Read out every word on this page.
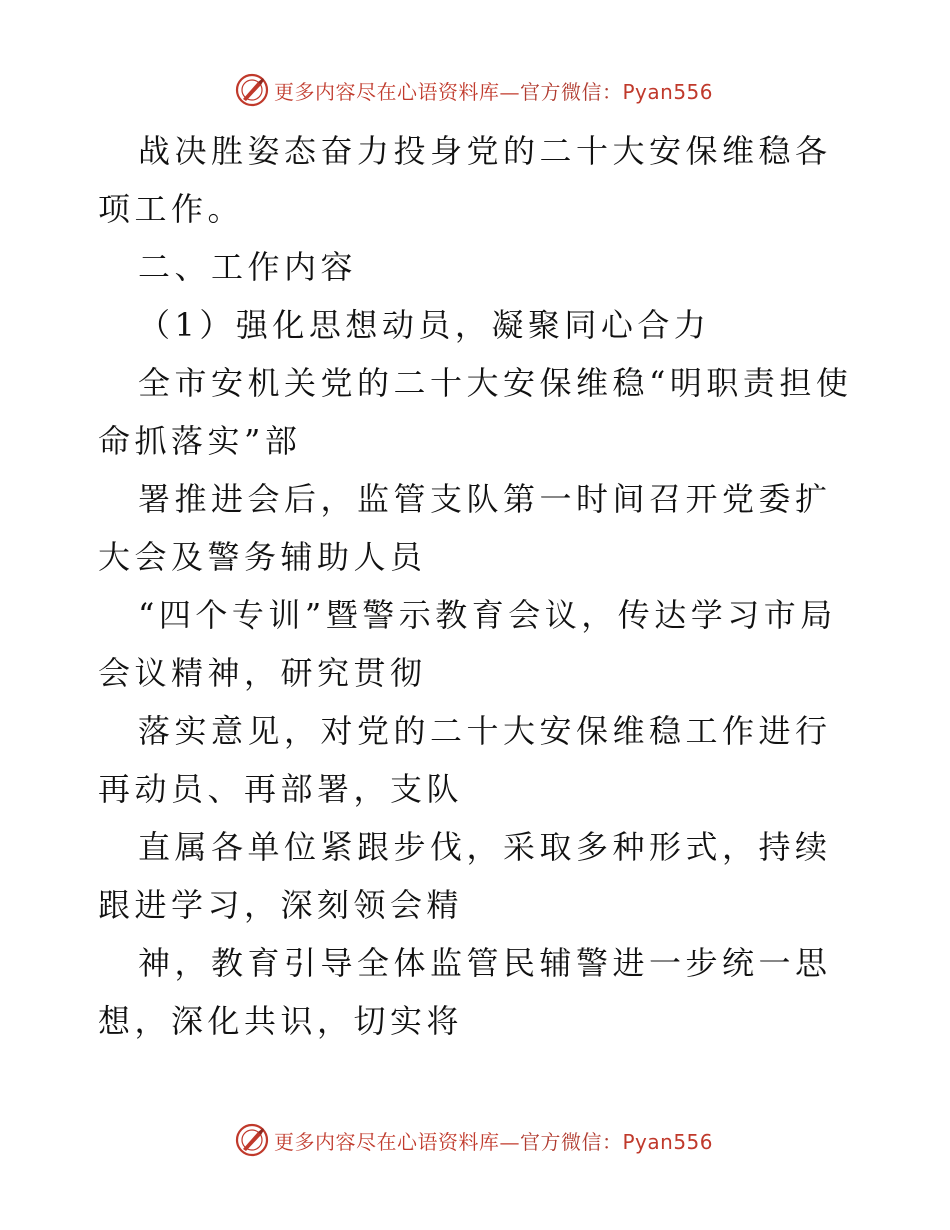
更多内容尽在心语资料库—官方微信：Pyan556

战决胜姿态奋力投身党的二十大安保维稳各项工作。

二、工作内容

（1）强化思想动员，凝聚同心合力

全市安机关党的二十大安保维稳“明职责担使命抓落实”部

署推进会后，监管支队第一时间召开党委扩大会及警务辅助人员

“四个专训”暨警示教育会议，传达学习市局会议精神，研究贯彻

落实意见，对党的二十大安保维稳工作进行再动员、再部署，支队

直属各单位紧跟步伐，采取多种形式，持续跟进学习，深刻领会精

神，教育引导全体监管民辅警进一步统一思想，深化共识，切实将

更多内容尽在心语资料库—官方微信：Pyan556
